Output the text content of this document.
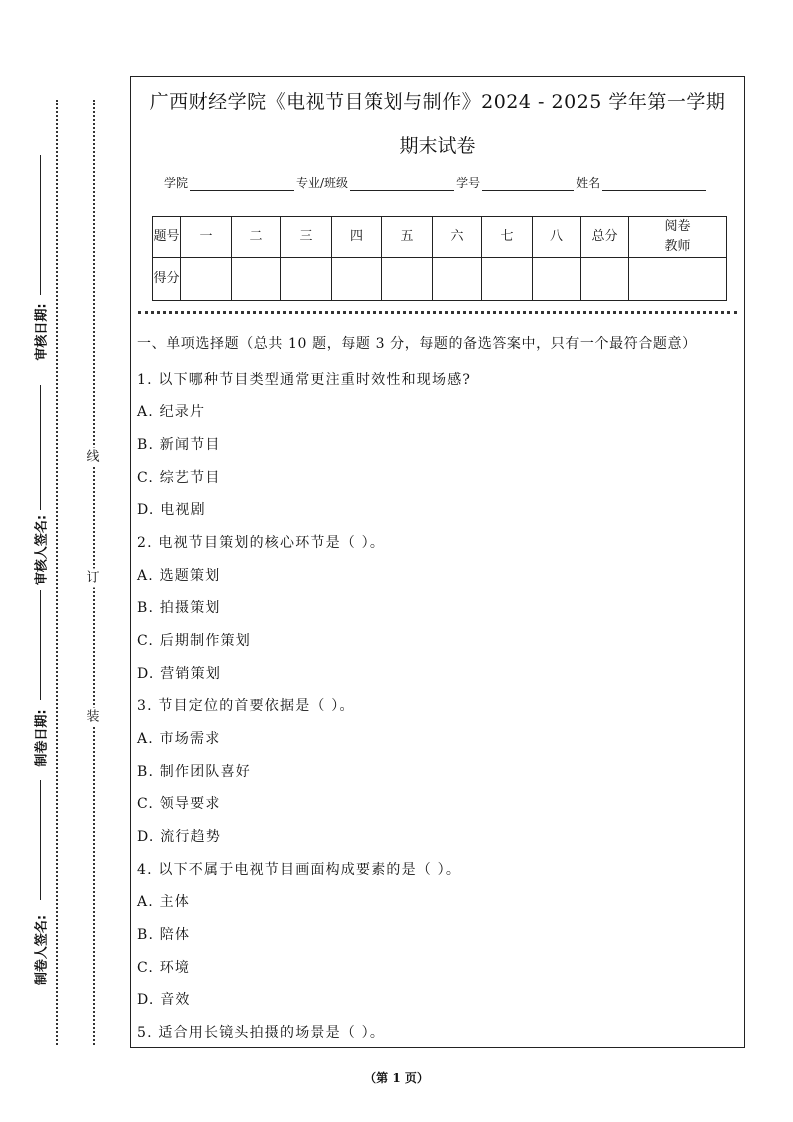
审核日期:
审核人签名:
制卷日期:
制卷人签名:
线
订
装
广西财经学院《电视节目策划与制作》2024 - 2025 学年第一学期
期末试卷
学院	专业/班级	学号	姓名
题号	一	二	三	四	五	六	七	八	总分	阅卷教师
得分										
一、单项选择题（总共 10 题，每题 3 分，每题的备选答案中，只有一个最符合题意）
1. 以下哪种节目类型通常更注重时效性和现场感?
A. 纪录片
B. 新闻节目
C. 综艺节目
D. 电视剧
2. 电视节目策划的核心环节是（ ）。
A. 选题策划
B. 拍摄策划
C. 后期制作策划
D. 营销策划
3. 节目定位的首要依据是（ ）。
A. 市场需求
B. 制作团队喜好
C. 领导要求
D. 流行趋势
4. 以下不属于电视节目画面构成要素的是（ ）。
A. 主体
B. 陪体
C. 环境
D. 音效
5. 适合用长镜头拍摄的场景是（ ）。
（第 1 页）
